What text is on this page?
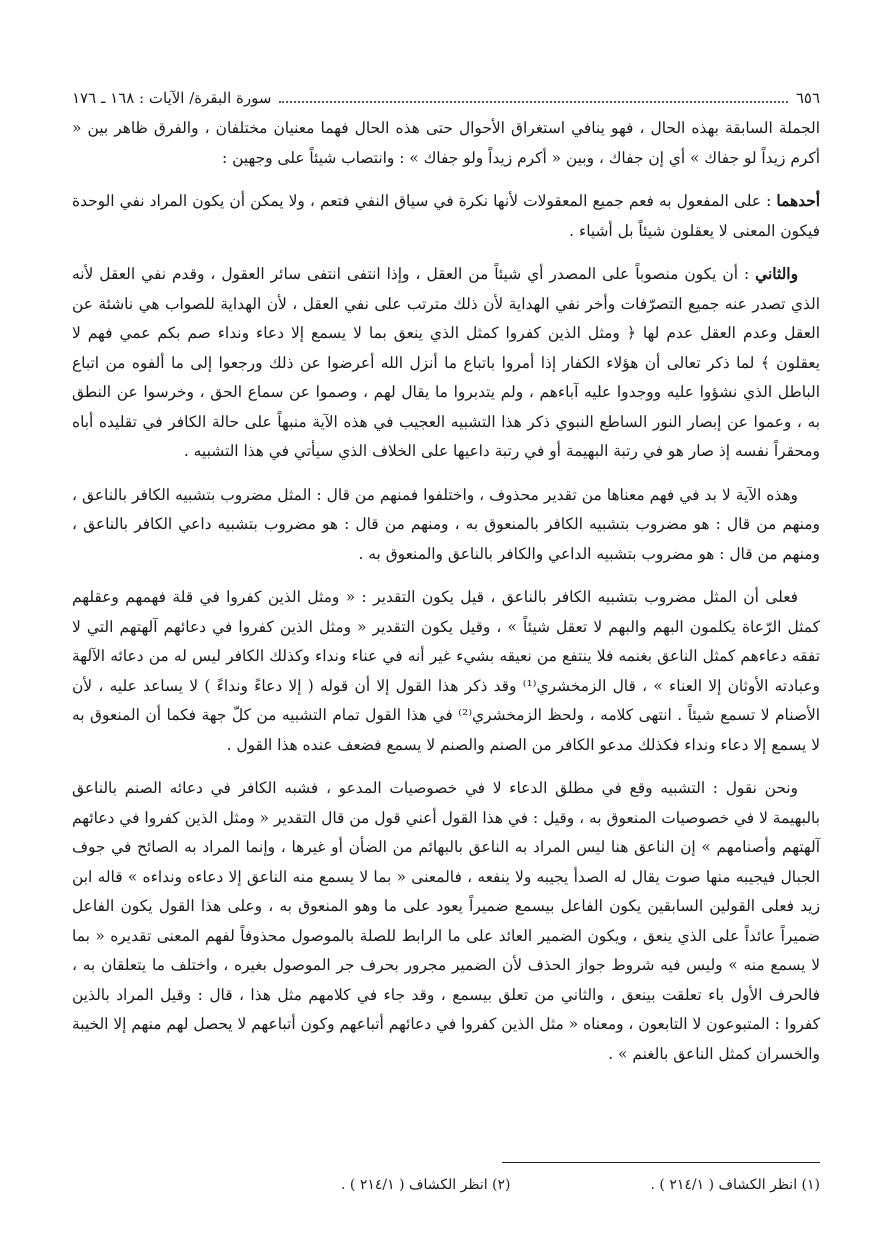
٦٥٦
سورة البقرة/ الآيات : ١٦٨ ـ ١٧٦

الجملة السابقة بهذه الحال ، فهو ينافي استغراق الأحوال حتى هذه الحال فهما معنيان مختلفان ، والفرق ظاهر بين « أكرم زيداً لو جفاك » أي إن جفاك ، وبين « أكرم زيداً ولو جفاك » : وانتصاب شيئاً على وجهين :

أحدهما : على المفعول به فعم جميع المعقولات لأنها نكرة في سياق النفي فتعم ، ولا يمكن أن يكون المراد نفي الوحدة فيكون المعنى لا يعقلون شيئاً بل أشياء .

والثاني : أن يكون منصوباً على المصدر أي شيئاً من العقل ، وإذا انتفى انتفى سائر العقول ، وقدم نفي العقل لأنه الذي تصدر عنه جميع التصرّفات وأخر نفي الهداية لأن ذلك مترتب على نفي العقل ، لأن الهداية للصواب هي ناشئة عن العقل وعدم العقل عدم لها ﴿ ومثل الذين كفروا كمثل الذي ينعق بما لا يسمع إلا دعاء ونداء صم بكم عمي فهم لا يعقلون ﴾ لما ذكر تعالى أن هؤلاء الكفار إذا أمروا باتباع ما أنزل الله أعرضوا عن ذلك ورجعوا إلى ما ألفوه من اتباع الباطل الذي نشؤوا عليه ووجدوا عليه آباءهم ، ولم يتدبروا ما يقال لهم ، وصموا عن سماع الحق ، وخرسوا عن النطق به ، وعموا عن إبصار النور الساطع النبوي ذكر هذا التشبيه العجيب في هذه الآية منبهاً على حالة الكافر في تقليده أباه ومحقراً نفسه إذ صار هو في رتبة البهيمة أو في رتبة داعيها على الخلاف الذي سيأتي في هذا التشبيه .

وهذه الآية لا بد في فهم معناها من تقدير محذوف ، واختلفوا فمنهم من قال : المثل مضروب بتشبيه الكافر بالناعق ، ومنهم من قال : هو مضروب بتشبيه الكافر بالمنعوق به ، ومنهم من قال : هو مضروب بتشبيه داعي الكافر بالناعق ، ومنهم من قال : هو مضروب بتشبيه الداعي والكافر بالناعق والمنعوق به .

فعلى أن المثل مضروب بتشبيه الكافر بالناعق ، قيل يكون التقدير : « ومثل الذين كفروا في قلة فهمهم وعقلهم كمثل الرّعاة يكلمون البهم والبهم لا تعقل شيئاً » ، وقيل يكون التقدير « ومثل الذين كفروا في دعائهم آلهتهم التي لا تفقه دعاءهم كمثل الناعق بغنمه فلا ينتفع من نعيقه بشيء غير أنه في عناء ونداء وكذلك الكافر ليس له من دعائه الآلهة وعبادته الأوثان إلا العناء » ، قال الزمخشري⁽¹⁾ وقد ذكر هذا القول إلا أن قوله ( إلا دعاءً ونداءً ) لا يساعد عليه ، لأن الأصنام لا تسمع شيئاً . انتهى كلامه ، ولحظ الزمخشري⁽²⁾ في هذا القول تمام التشبيه من كلّ جهة فكما أن المنعوق به لا يسمع إلا دعاء ونداء فكذلك مدعو الكافر من الصنم والصنم لا يسمع فضعف عنده هذا القول .

ونحن نقول : التشبيه وقع في مطلق الدعاء لا في خصوصيات المدعو ، فشبه الكافر في دعائه الصنم بالناعق بالبهيمة لا في خصوصيات المنعوق به ، وقيل : في هذا القول أعني قول من قال التقدير « ومثل الذين كفروا في دعائهم آلهتهم وأصنامهم » إن الناعق هنا ليس المراد به الناعق بالبهائم من الضأن أو غيرها ، وإنما المراد به الصائح في جوف الجبال فيجيبه منها صوت يقال له الصدأ يجيبه ولا ينفعه ، فالمعنى « بما لا يسمع منه الناعق إلا دعاءه ونداءه » قاله ابن زيد فعلى القولين السابقين يكون الفاعل بيسمع ضميراً يعود على ما وهو المنعوق به ، وعلى هذا القول يكون الفاعل ضميراً عائداً على الذي ينعق ، ويكون الضمير العائد على ما الرابط للصلة بالموصول محذوفاً لفهم المعنى تقديره « بما لا يسمع منه » وليس فيه شروط جواز الحذف لأن الضمير مجرور بحرف جر الموصول بغيره ، واختلف ما يتعلقان به ، فالحرف الأول باء تعلقت بينعق ، والثاني من تعلق بيسمع ، وقد جاء في كلامهم مثل هذا ، قال : وقيل المراد بالذين كفروا : المتبوعون لا التابعون ، ومعناه « مثل الذين كفروا في دعائهم أتباعهم وكون أتباعهم لا يحصل لهم منهم إلا الخيبة والخسران كمثل الناعق بالغنم » .

(١) انظر الكشاف ( ٢١٤/١ ) .
(٢) انظر الكشاف ( ٢١٤/١ ) .
